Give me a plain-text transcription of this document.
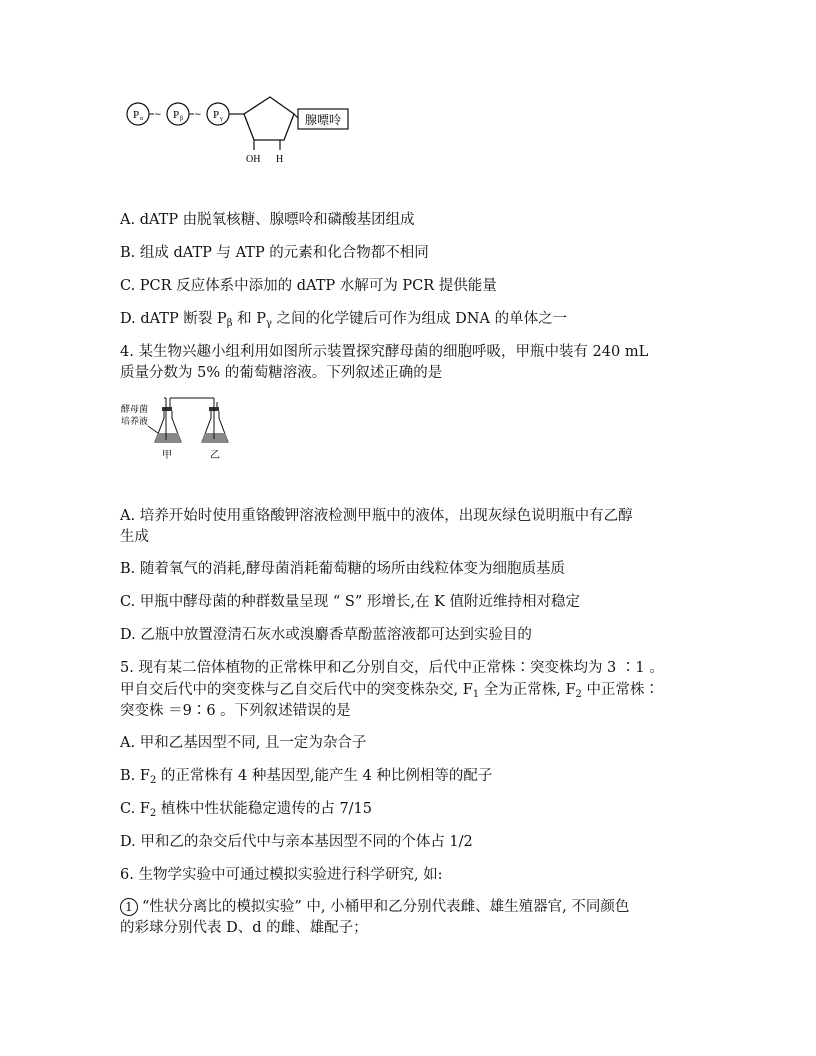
P α ~ P β ~ P γ
OH H
腺嘌呤
A. dATP 由脱氧核糖、腺嘌呤和磷酸基团组成
B. 组成 dATP 与 ATP 的元素和化合物都不相同
C. PCR 反应体系中添加的 dATP 水解可为 PCR 提供能量
D. dATP 断裂 $P_\beta$ 和 $P_\gamma$ 之间的化学键后可作为组成 DNA 的单体之一
4. 某生物兴趣小组利用如图所示装置探究酵母菌的细胞呼吸，甲瓶中装有 240 mL
质量分数为 5% 的葡萄糖溶液。下列叙述正确的是
酵母菌
培养液
甲	乙
A. 培养开始时使用重铬酸钾溶液检测甲瓶中的液体，出现灰绿色说明瓶中有乙醇
生成
B. 随着氧气的消耗,酵母菌消耗葡萄糖的场所由线粒体变为细胞质基质
C. 甲瓶中酵母菌的种群数量呈现 “ S” 形增长,在 K 值附近维持相对稳定
D. 乙瓶中放置澄清石灰水或溴麝香草酚蓝溶液都可达到实验目的
5. 现有某二倍体植物的正常株甲和乙分别自交，后代中正常株∶突变株均为 3 ∶1 。
甲自交后代中的突变株与乙自交后代中的突变株杂交, $F_1$ 全为正常株, $F_2$ 中正常株∶
突变株 ＝9∶6 。下列叙述错误的是
A. 甲和乙基因型不同, 且一定为杂合子
B. $F_2$ 的正常株有 4 种基因型,能产生 4 种比例相等的配子
C. $F_2$ 植株中性状能稳定遗传的占 7/15
D. 甲和乙的杂交后代中与亲本基因型不同的个体占 1/2
6. 生物学实验中可通过模拟实验进行科学研究, 如:
1 “性状分离比的模拟实验” 中, 小桶甲和乙分别代表雌、雄生殖器官, 不同颜色
的彩球分别代表 D、d 的雌、雄配子；
